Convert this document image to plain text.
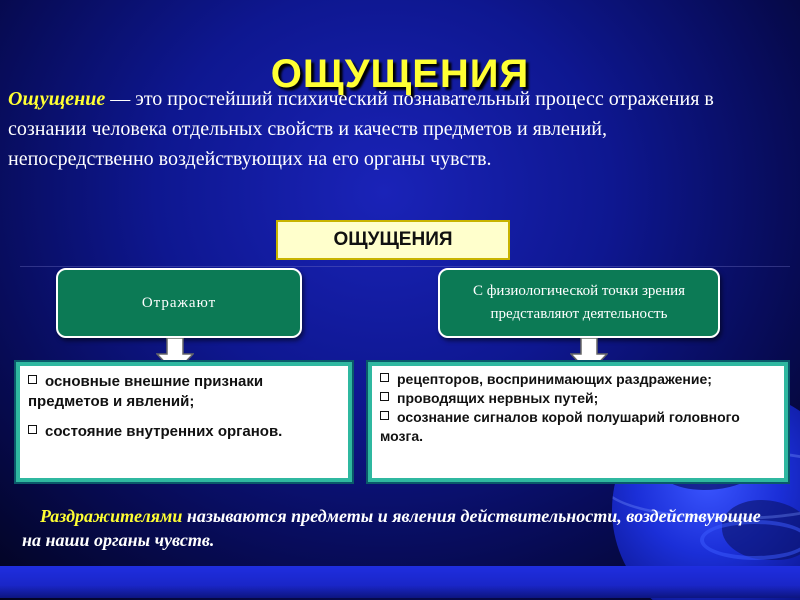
ОЩУЩЕНИЯ
Ощущение — это простейший психический познавательный процесс отражения в сознании человека отдельных свойств и качеств предметов и явлений, непосредственно воздействующих на его органы чувств.
ОЩУЩЕНИЯ
Отражают
С физиологической точки зрения представляют деятельность
основные внешние признаки предметов и явлений;
состояние внутренних органов.
рецепторов, воспринимающих раздражение;
проводящих нервных путей;
осознание сигналов корой полушарий головного мозга.
Раздражителями называются предметы и явления действительности, воздействующие на наши органы чувств.
